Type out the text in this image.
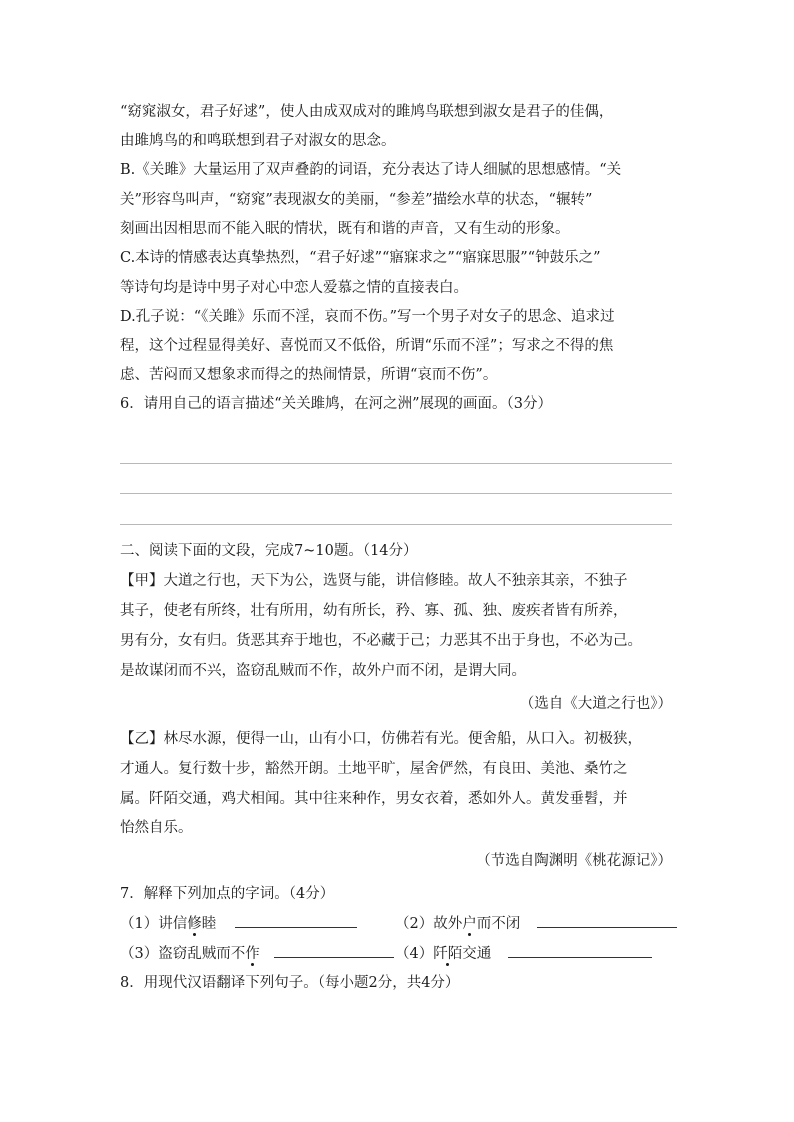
“窈窕淑女，君子好逑”，使人由成双成对的雎鸠鸟联想到淑女是君子的佳偶，
由雎鸠鸟的和鸣联想到君子对淑女的思念。
B.《关雎》大量运用了双声叠韵的词语，充分表达了诗人细腻的思想感情。“关
关”形容鸟叫声，“窈窕”表现淑女的美丽，“参差”描绘水草的状态，“辗转”
刻画出因相思而不能入眠的情状，既有和谐的声音，又有生动的形象。
C.本诗的情感表达真挚热烈，“君子好逑”“寤寐求之”“寤寐思服”“钟鼓乐之”
等诗句均是诗中男子对心中恋人爱慕之情的直接表白。
D.孔子说：“《关雎》乐而不淫，哀而不伤。”写一个男子对女子的思念、追求过
程，这个过程显得美好、喜悦而又不低俗，所谓“乐而不淫”；写求之不得的焦
虑、苦闷而又想象求而得之的热闹情景，所谓“哀而不伤”。
6．请用自己的语言描述“关关雎鸠，在河之洲”展现的画面。（3分）
二、阅读下面的文段，完成7~10题。（14分）
【甲】大道之行也，天下为公，选贤与能，讲信修睦。故人不独亲其亲，不独子
其子，使老有所终，壮有所用，幼有所长，矜、寡、孤、独、废疾者皆有所养，
男有分，女有归。货恶其弃于地也，不必藏于己；力恶其不出于身也，不必为己。
是故谋闭而不兴，盗窃乱贼而不作，故外户而不闭，是谓大同。
（选自《大道之行也》）
【乙】林尽水源，便得一山，山有小口，仿佛若有光。便舍船，从口入。初极狭，
才通人。复行数十步，豁然开朗。土地平旷，屋舍俨然，有良田、美池、桑竹之
属。阡陌交通，鸡犬相闻。其中往来种作，男女衣着，悉如外人。黄发垂髫，并
怡然自乐。
（节选自陶渊明《桃花源记》）
7．解释下列加点的字词。（4分）
（1）讲信修睦	（2）故外户而不闭
（3）盗窃乱贼而不作	（4）阡陌交通
8．用现代汉语翻译下列句子。（每小题2分，共4分）
